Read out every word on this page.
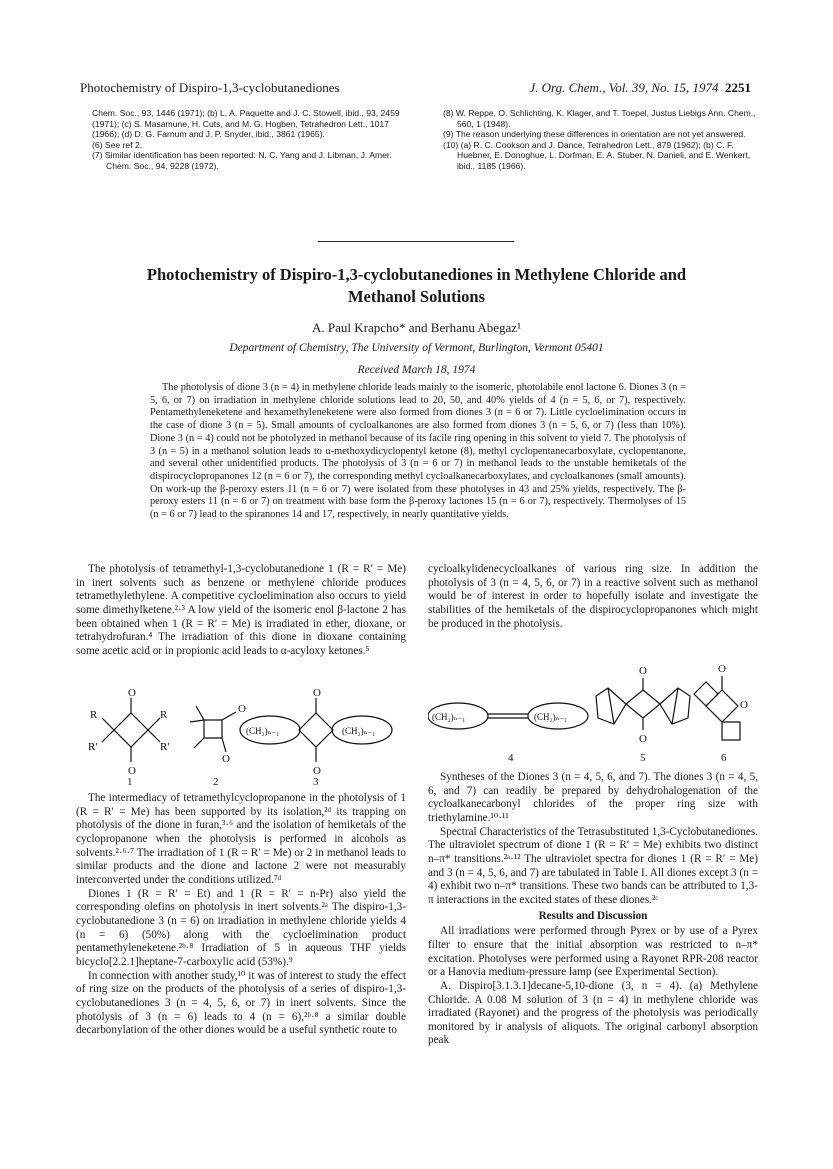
Photochemistry of Dispiro-1,3-cyclobutanediones	J. Org. Chem., Vol. 39, No. 15, 1974 2251

Chem. Soc., 93, 1446 (1971); (b) L. A. Paquette and J. C. Stowell, ibid., 93, 2459 (1971); (c) S. Masamune, H. Cuts, and M. G. Hogben, Tetrahedron Lett., 1017 (1966); (d) D. G. Farnum and J. P. Snyder, ibid., 3861 (1965).

(6) See ref 2.

(7) Similar identification has been reported: N. C. Yang and J. Libman, J. Amer. Chem. Soc., 94, 9228 (1972).

(8) W. Reppe, O. Schlichting, K. Klager, and T. Toepel, Justus Liebigs Ann. Chem., 560, 1 (1948).

(9) The reason underlying these differences in orientation are not yet answered.

(10) (a) R. C. Cookson and J. Dance, Tetrahedron Lett., 879 (1962); (b) C. F. Huebner, E. Donoghue, L. Dorfman, E. A. Stuber, N. Danieli, and E. Wenkert, ibid., 1185 (1966).

Photochemistry of Dispiro-1,3-cyclobutanediones in Methylene Chloride and Methanol Solutions
A. Paul Krapcho* and Berhanu Abegaz¹
Department of Chemistry, The University of Vermont, Burlington, Vermont 05401
Received March 18, 1974

The photolysis of dione 3 (n = 4) in methylene chloride leads mainly to the isomeric, photolabile enol lactone 6. Diones 3 (n = 5, 6, or 7) on irradiation in methylene chloride solutions lead to 20, 50, and 40% yields of 4 (n = 5, 6, or 7), respectively. Pentamethyleneketene and hexamethyleneketene were also formed from diones 3 (n = 6 or 7). Little cycloelimination occurs in the case of dione 3 (n = 5). Small amounts of cycloalkanones are also formed from diones 3 (n = 5, 6, or 7) (less than 10%). Dione 3 (n = 4) could not be photolyzed in methanol because of its facile ring opening in this solvent to yield 7. The photolysis of 3 (n = 5) in a methanol solution leads to α-methoxydicyclopentyl ketone (8), methyl cyclopentanecarboxylate, cyclopentanone, and several other unidentified products. The photolysis of 3 (n = 6 or 7) in methanol leads to the unstable hemiketals of the dispirocyclopropanones 12 (n = 6 or 7), the corresponding methyl cycloalkanecarboxylates, and cycloalkanones (small amounts). On work-up the β-peroxy esters 11 (n = 6 or 7) were isolated from these photolyses in 43 and 25% yields, respectively. The β-peroxy esters 11 (n = 6 or 7) on treatment with base form the β-peroxy lactones 15 (n = 6 or 7), respectively. Thermolyses of 15 (n = 6 or 7) lead to the spiranones 14 and 17, respectively, in nearly quantitative yields.

The photolysis of tetramethyl-1,3-cyclobutanedione 1 (R = R′ = Me) in inert solvents such as benzene or methylene chloride produces tetramethylethylene. A competitive cycloelimination also occurs to yield some dimethylketene.²·³ A low yield of the isomeric enol β-lactone 2 has been obtained when 1 (R = R′ = Me) is irradiated in ether, dioxane, or tetrahydrofuran.⁴ The irradiation of this dione in dioxane containing some acetic acid or in propionic acid leads to α-acyloxy ketones.⁵

O
O
R	R
R′	R′
O
O
O
O
(CH₂)ₙ₋₁	(CH₂)ₙ₋₁
1	2	3

The intermediacy of tetramethylcyclopropanone in the photolysis of 1 (R = R′ = Me) has been supported by its isolation,²ᵈ its trapping on photolysis of the dione in furan,³·⁶ and the isolation of hemiketals of the cyclopropanone when the photolysis is performed in alcohols as solvents.²·⁶·⁷ The irradiation of 1 (R = R′ = Me) or 2 in methanol leads to similar products and the dione and lactone 2 were not measurably interconverted under the conditions utilized.⁷ᵈ

Diones 1 (R = R′ = Et) and 1 (R = R′ = n-Pr) also yield the corresponding olefins on photolysis in inert solvents.²ᵃ The dispiro-1,3-cyclobutanedione 3 (n = 6) on irradiation in methylene chloride yields 4 (n = 6) (50%) along with the cycloelimination product pentamethyleneketene.²ᵇ·⁸ Irradiation of 5 in aqueous THF yields bicyclo[2.2.1]heptane-7-carboxylic acid (53%).⁹

In connection with another study,¹⁰ it was of interest to study the effect of ring size on the products of the photolysis of a series of dispiro-1,3-cyclobutanediones 3 (n = 4, 5, 6, or 7) in inert solvents. Since the photolysis of 3 (n = 6) leads to 4 (n = 6),²ᵇ·⁸ a similar double decarbonylation of the other diones would be a useful synthetic route to

cycloalkylidenecycloalkanes of various ring size. In addition the photolysis of 3 (n = 4, 5, 6, or 7) in a reactive solvent such as methanol would be of interest in order to hopefully isolate and investigate the stabilities of the hemiketals of the dispirocyclopropanones which might be produced in the photolysis.

O
O
O
O
(CH₂)ₙ₋₁	(CH₂)ₙ₋₁
4	5	6

Syntheses of the Diones 3 (n = 4, 5, 6, and 7). The diones 3 (n = 4, 5, 6, and 7) can readily be prepared by dehydrohalogenation of the cycloalkanecarbonyl chlorides of the proper ring size with triethylamine.¹⁰·¹¹

Spectral Characteristics of the Tetrasubstituted 1,3-Cyclobutanediones. The ultraviolet spectrum of dione 1 (R = R′ = Me) exhibits two distinct n–π* transitions.²ᵃ·¹² The ultraviolet spectra for diones 1 (R = R′ = Me) and 3 (n = 4, 5, 6, and 7) are tabulated in Table I. All diones except 3 (n = 4) exhibit two n–π* transitions. These two bands can be attributed to 1,3-π interactions in the excited states of these diones.²ᶜ

Results and Discussion

All irradiations were performed through Pyrex or by use of a Pyrex filter to ensure that the initial absorption was restricted to n–π* excitation. Photolyses were performed using a Rayonet RPR-208 reactor or a Hanovia medium-pressure lamp (see Experimental Section).

A. Dispiro[3.1.3.1]decane-5,10-dione (3, n = 4). (a) Methylene Chloride. A 0.08 M solution of 3 (n = 4) in methylene chloride was irradiated (Rayonet) and the progress of the photolysis was periodically monitored by ir analysis of aliquots. The original carbonyl absorption peak
